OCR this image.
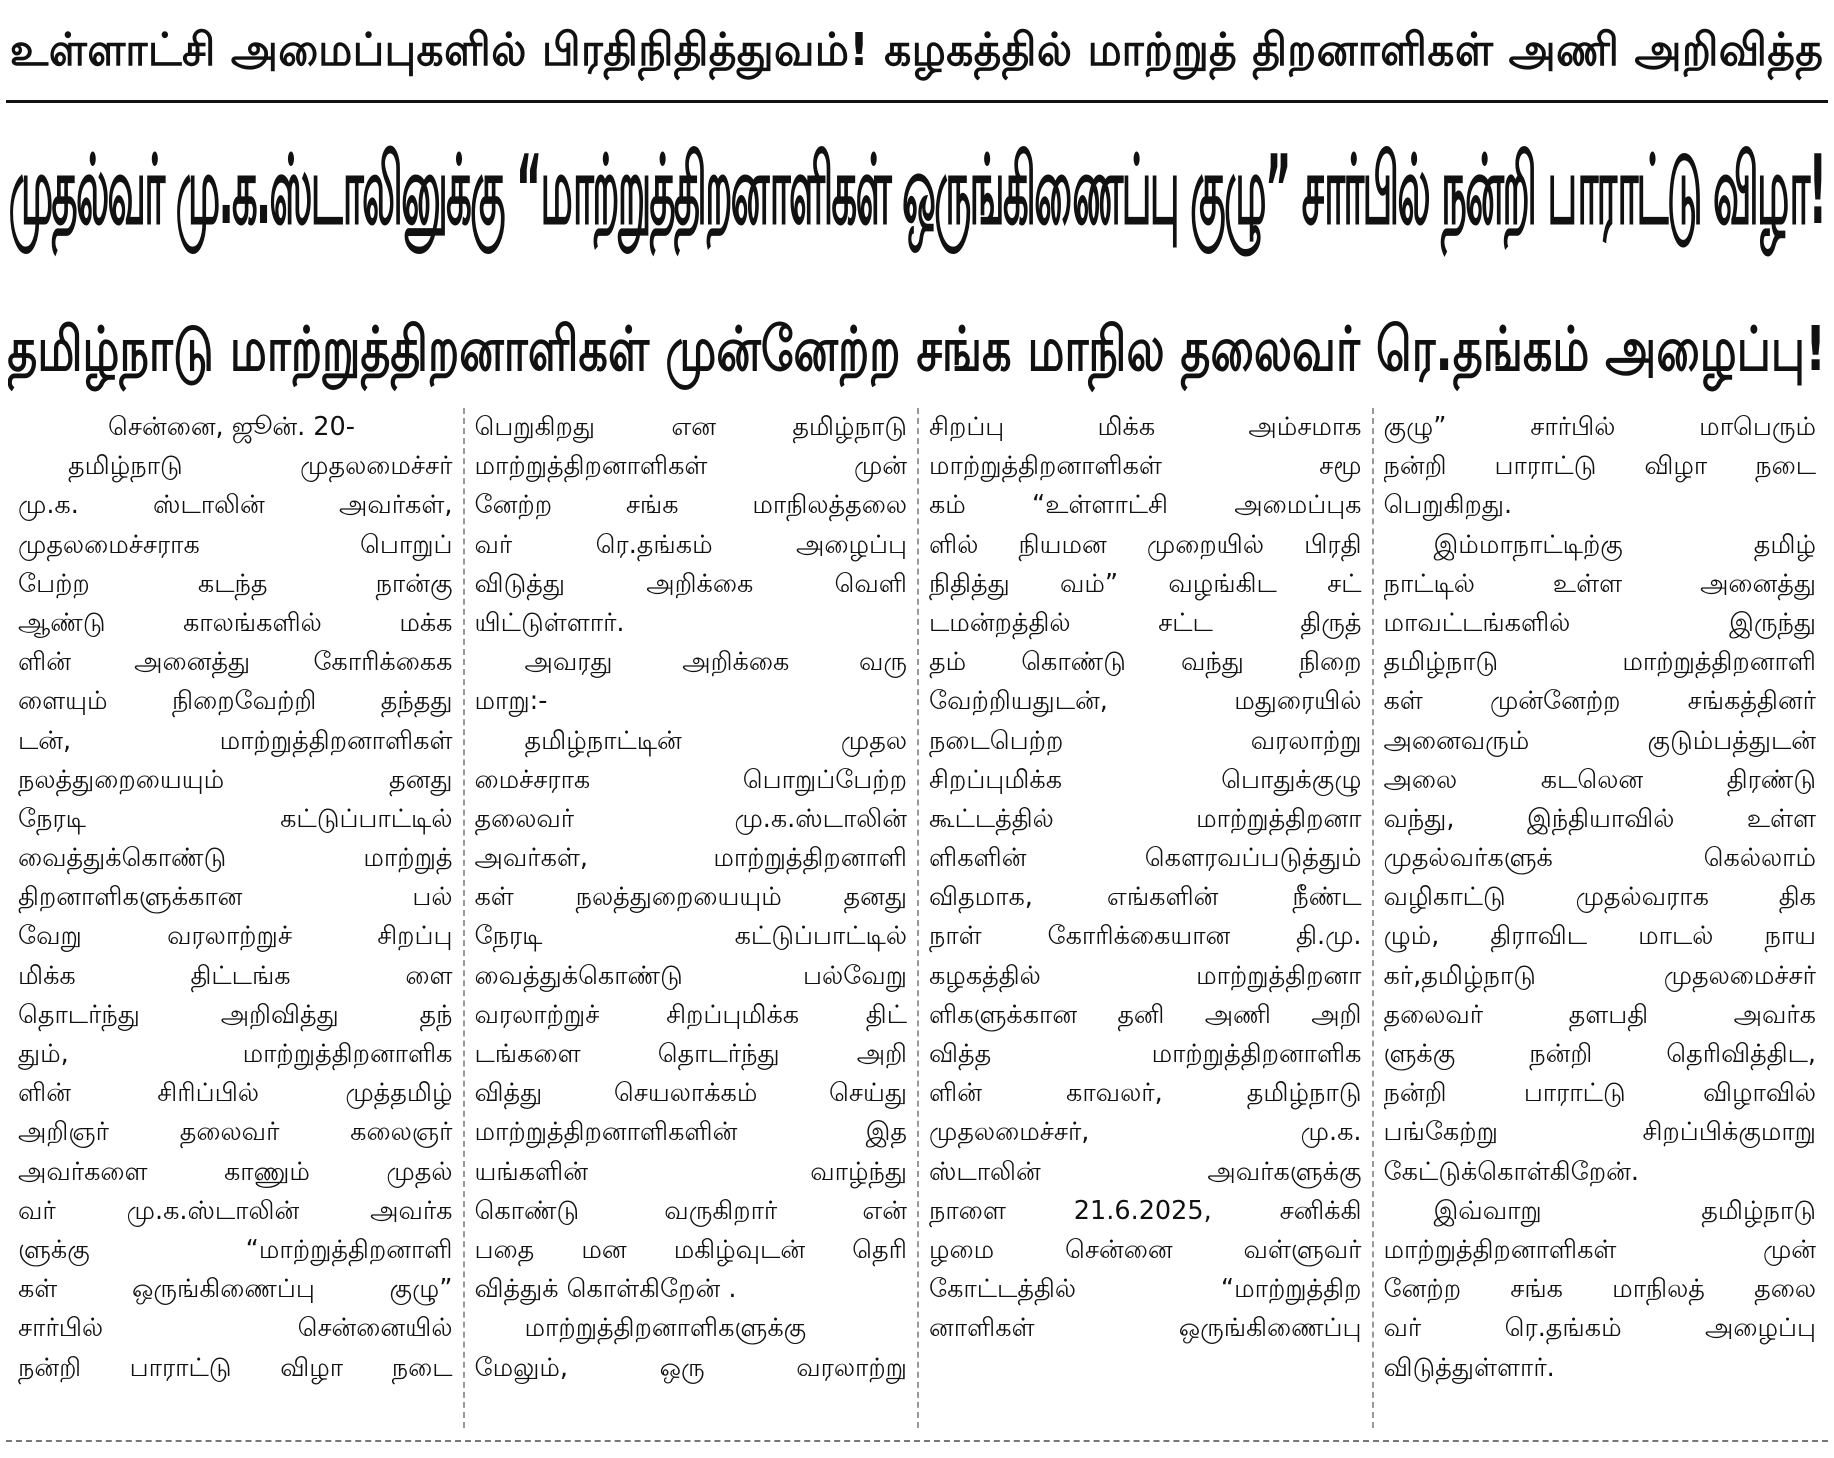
உள்ளாட்சி அமைப்புகளில் பிரதிநிதித்துவம்! கழகத்தில் மாற்றுத் திறனாளிகள் அணி அறிவித்த
முதல்வர் மு.க.ஸ்டாலினுக்கு “மாற்றுத்திறனாளிகள் ஒருங்கிணைப்பு குழு” சார்பில் நன்றி பாராட்டு விழா!
தமிழ்நாடு மாற்றுத்திறனாளிகள் முன்னேற்ற சங்க மாநில தலைவர் ரெ.தங்கம் அழைப்பு!
சென்னை, ஜூன். 20-
தமிழ்நாடு முதலமைச்சர்
மு.க. ஸ்டாலின் அவர்கள்,
முதலமைச்சராக பொறுப்
பேற்ற கடந்த நான்கு
ஆண்டு காலங்களில் மக்க
ளின் அனைத்து கோரிக்கைக
ளையும் நிறைவேற்றி தந்தது
டன், மாற்றுத்திறனாளிகள்
நலத்துறையையும் தனது
நேரடி கட்டுப்பாட்டில்
வைத்துக்கொண்டு மாற்றுத்
திறனாளிகளுக்கான பல்
வேறு வரலாற்றுச் சிறப்பு
மிக்க திட்டங்க ளை
தொடர்ந்து அறிவித்து தந்
தும், மாற்றுத்திறனாளிக
ளின் சிரிப்பில் முத்தமிழ்
அறிஞர் தலைவர் கலைஞர்
அவர்களை காணும் முதல்
வர் மு.க.ஸ்டாலின் அவர்க
ளுக்கு “மாற்றுத்திறனாளி
கள் ஒருங்கிணைப்பு குழு”
சார்பில் சென்னையில்
நன்றி பாராட்டு விழா நடை
பெறுகிறது என தமிழ்நாடு
மாற்றுத்திறனாளிகள் முன்
னேற்ற சங்க மாநிலத்தலை
வர் ரெ.தங்கம் அழைப்பு
விடுத்து அறிக்கை வெளி
யிட்டுள்ளார்.
அவரது அறிக்கை வரு
மாறு:-
தமிழ்நாட்டின் முதல
மைச்சராக பொறுப்பேற்ற
தலைவர் மு.க.ஸ்டாலின்
அவர்கள், மாற்றுத்திறனாளி
கள் நலத்துறையையும் தனது
நேரடி கட்டுப்பாட்டில்
வைத்துக்கொண்டு பல்வேறு
வரலாற்றுச் சிறப்புமிக்க திட்
டங்களை தொடர்ந்து அறி
வித்து செயலாக்கம் செய்து
மாற்றுத்திறனாளிகளின் இத
யங்களின் வாழ்ந்து
கொண்டு வருகிறார் என்
பதை மன மகிழ்வுடன் தெரி
வித்துக் கொள்கிறேன் .
மாற்றுத்திறனாளிகளுக்கு
மேலும், ஒரு வரலாற்று
சிறப்பு மிக்க அம்சமாக
மாற்றுத்திறனாளிகள் சமூ
கம் “உள்ளாட்சி அமைப்புக
ளில் நியமன முறையில் பிரதி
நிதித்து வம்” வழங்கிட சட்
டமன்றத்தில் சட்ட திருத்
தம் கொண்டு வந்து நிறை
வேற்றியதுடன், மதுரையில்
நடைபெற்ற வரலாற்று
சிறப்புமிக்க பொதுக்குழு
கூட்டத்தில் மாற்றுத்திறனா
ளிகளின் கௌரவப்படுத்தும்
விதமாக, எங்களின் நீண்ட
நாள் கோரிக்கையான தி.மு.
கழகத்தில் மாற்றுத்திறனா
ளிகளுக்கான தனி அணி அறி
வித்த மாற்றுத்திறனாளிக
ளின் காவலர், தமிழ்நாடு
முதலமைச்சர், மு.க.
ஸ்டாலின் அவர்களுக்கு
நாளை 21.6.2025, சனிக்கி
ழமை சென்னை வள்ளுவர்
கோட்டத்தில் “மாற்றுத்திற
னாளிகள் ஒருங்கிணைப்பு
குழு” சார்பில் மாபெரும்
நன்றி பாராட்டு விழா நடை
பெறுகிறது.
இம்மாநாட்டிற்கு தமிழ்
நாட்டில் உள்ள அனைத்து
மாவட்டங்களில் இருந்து
தமிழ்நாடு மாற்றுத்திறனாளி
கள் முன்னேற்ற சங்கத்தினர்
அனைவரும் குடும்பத்துடன்
அலை கடலென திரண்டு
வந்து, இந்தியாவில் உள்ள
முதல்வர்களுக் கெல்லாம்
வழிகாட்டு முதல்வராக திக
ழும், திராவிட மாடல் நாய
கர்,தமிழ்நாடு முதலமைச்சர்
தலைவர் தளபதி அவர்க
ளுக்கு நன்றி தெரிவித்திட,
நன்றி பாராட்டு விழாவில்
பங்கேற்று சிறப்பிக்குமாறு
கேட்டுக்கொள்கிறேன்.
இவ்வாறு தமிழ்நாடு
மாற்றுத்திறனாளிகள் முன்
னேற்ற சங்க மாநிலத் தலை
வர் ரெ.தங்கம் அழைப்பு
விடுத்துள்ளார்.
